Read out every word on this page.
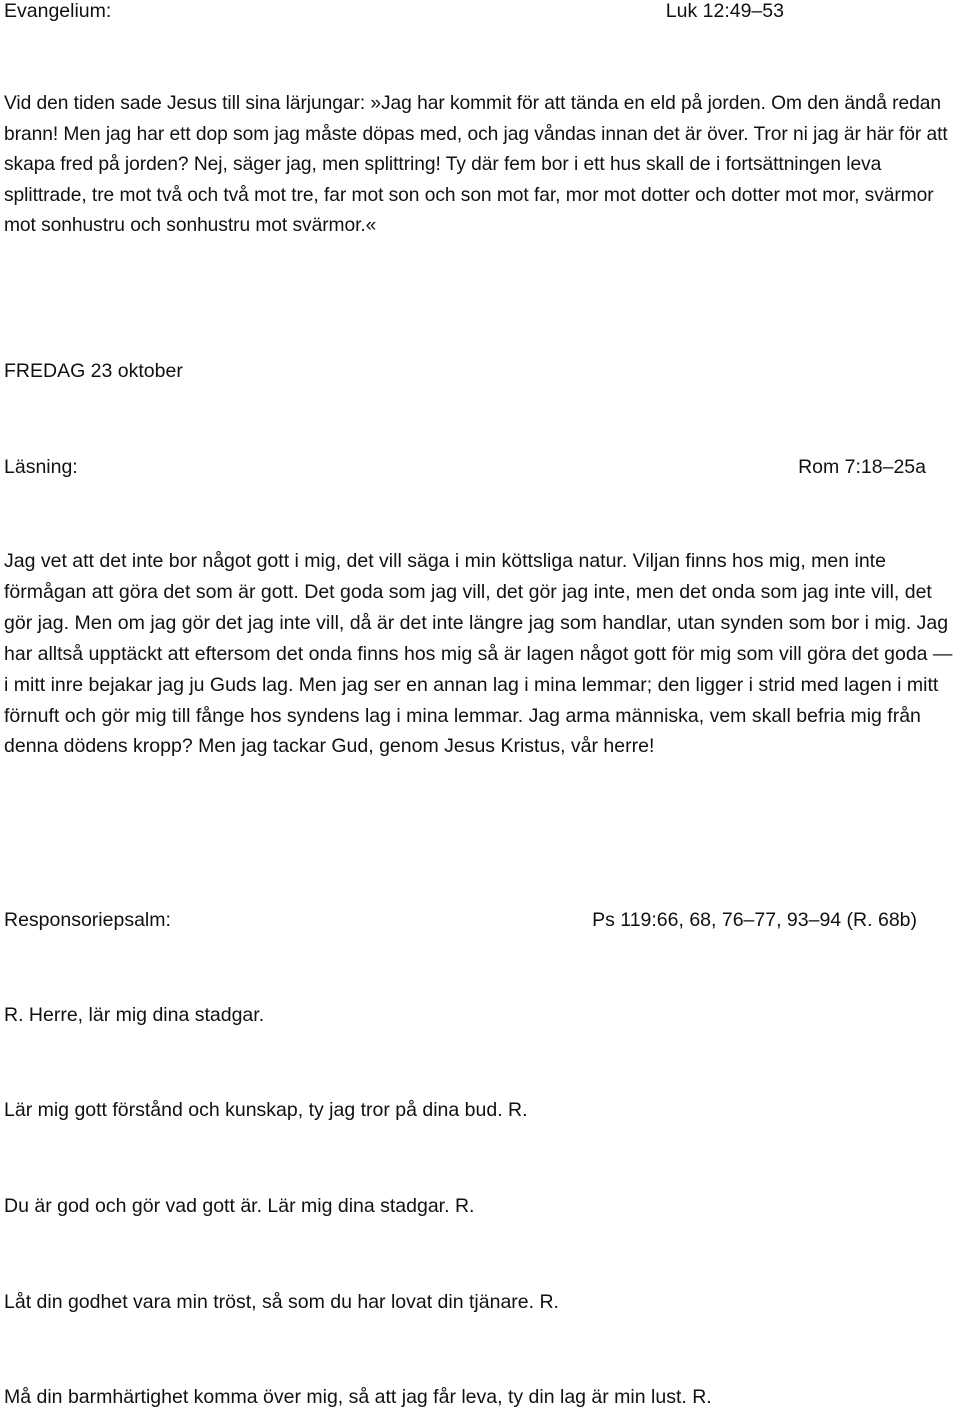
Evangelium:	Luk 12:49–53

Vid den tiden sade Jesus till sina lärjungar: »Jag har kommit för att tända en eld på jorden. Om den ändå redan brann! Men jag har ett dop som jag måste döpas med, och jag våndas innan det är över. Tror ni jag är här för att skapa fred på jorden? Nej, säger jag, men splittring! Ty där fem bor i ett hus skall de i fortsättningen leva splittrade, tre mot två och två mot tre, far mot son och son mot far, mor mot dotter och dotter mot mor, svärmor mot sonhustru och sonhustru mot svärmor.«

FREDAG 23 oktober
Läsning:	Rom 7:18–25a

Jag vet att det inte bor något gott i mig, det vill säga i min köttsliga natur. Viljan finns hos mig, men inte förmågan att göra det som är gott. Det goda som jag vill, det gör jag inte, men det onda som jag inte vill, det gör jag. Men om jag gör det jag inte vill, då är det inte längre jag som handlar, utan synden som bor i mig. Jag har alltså upptäckt att eftersom det onda finns hos mig så är lagen något gott för mig som vill göra det goda — i mitt inre bejakar jag ju Guds lag. Men jag ser en annan lag i mina lemmar; den ligger i strid med lagen i mitt förnuft och gör mig till fånge hos syndens lag i mina lemmar. Jag arma människa, vem skall befria mig från denna dödens kropp? Men jag tackar Gud, genom Jesus Kristus, vår herre!

Responsoriepsalm:	Ps 119:66, 68, 76–77, 93–94 (R. 68b)
R. Herre, lär mig dina stadgar.
Lär mig gott förstånd och kunskap, ty jag tror på dina bud. R.
Du är god och gör vad gott är. Lär mig dina stadgar. R.
Låt din godhet vara min tröst, så som du har lovat din tjänare. R.
Må din barmhärtighet komma över mig, så att jag får leva, ty din lag är min lust. R.
